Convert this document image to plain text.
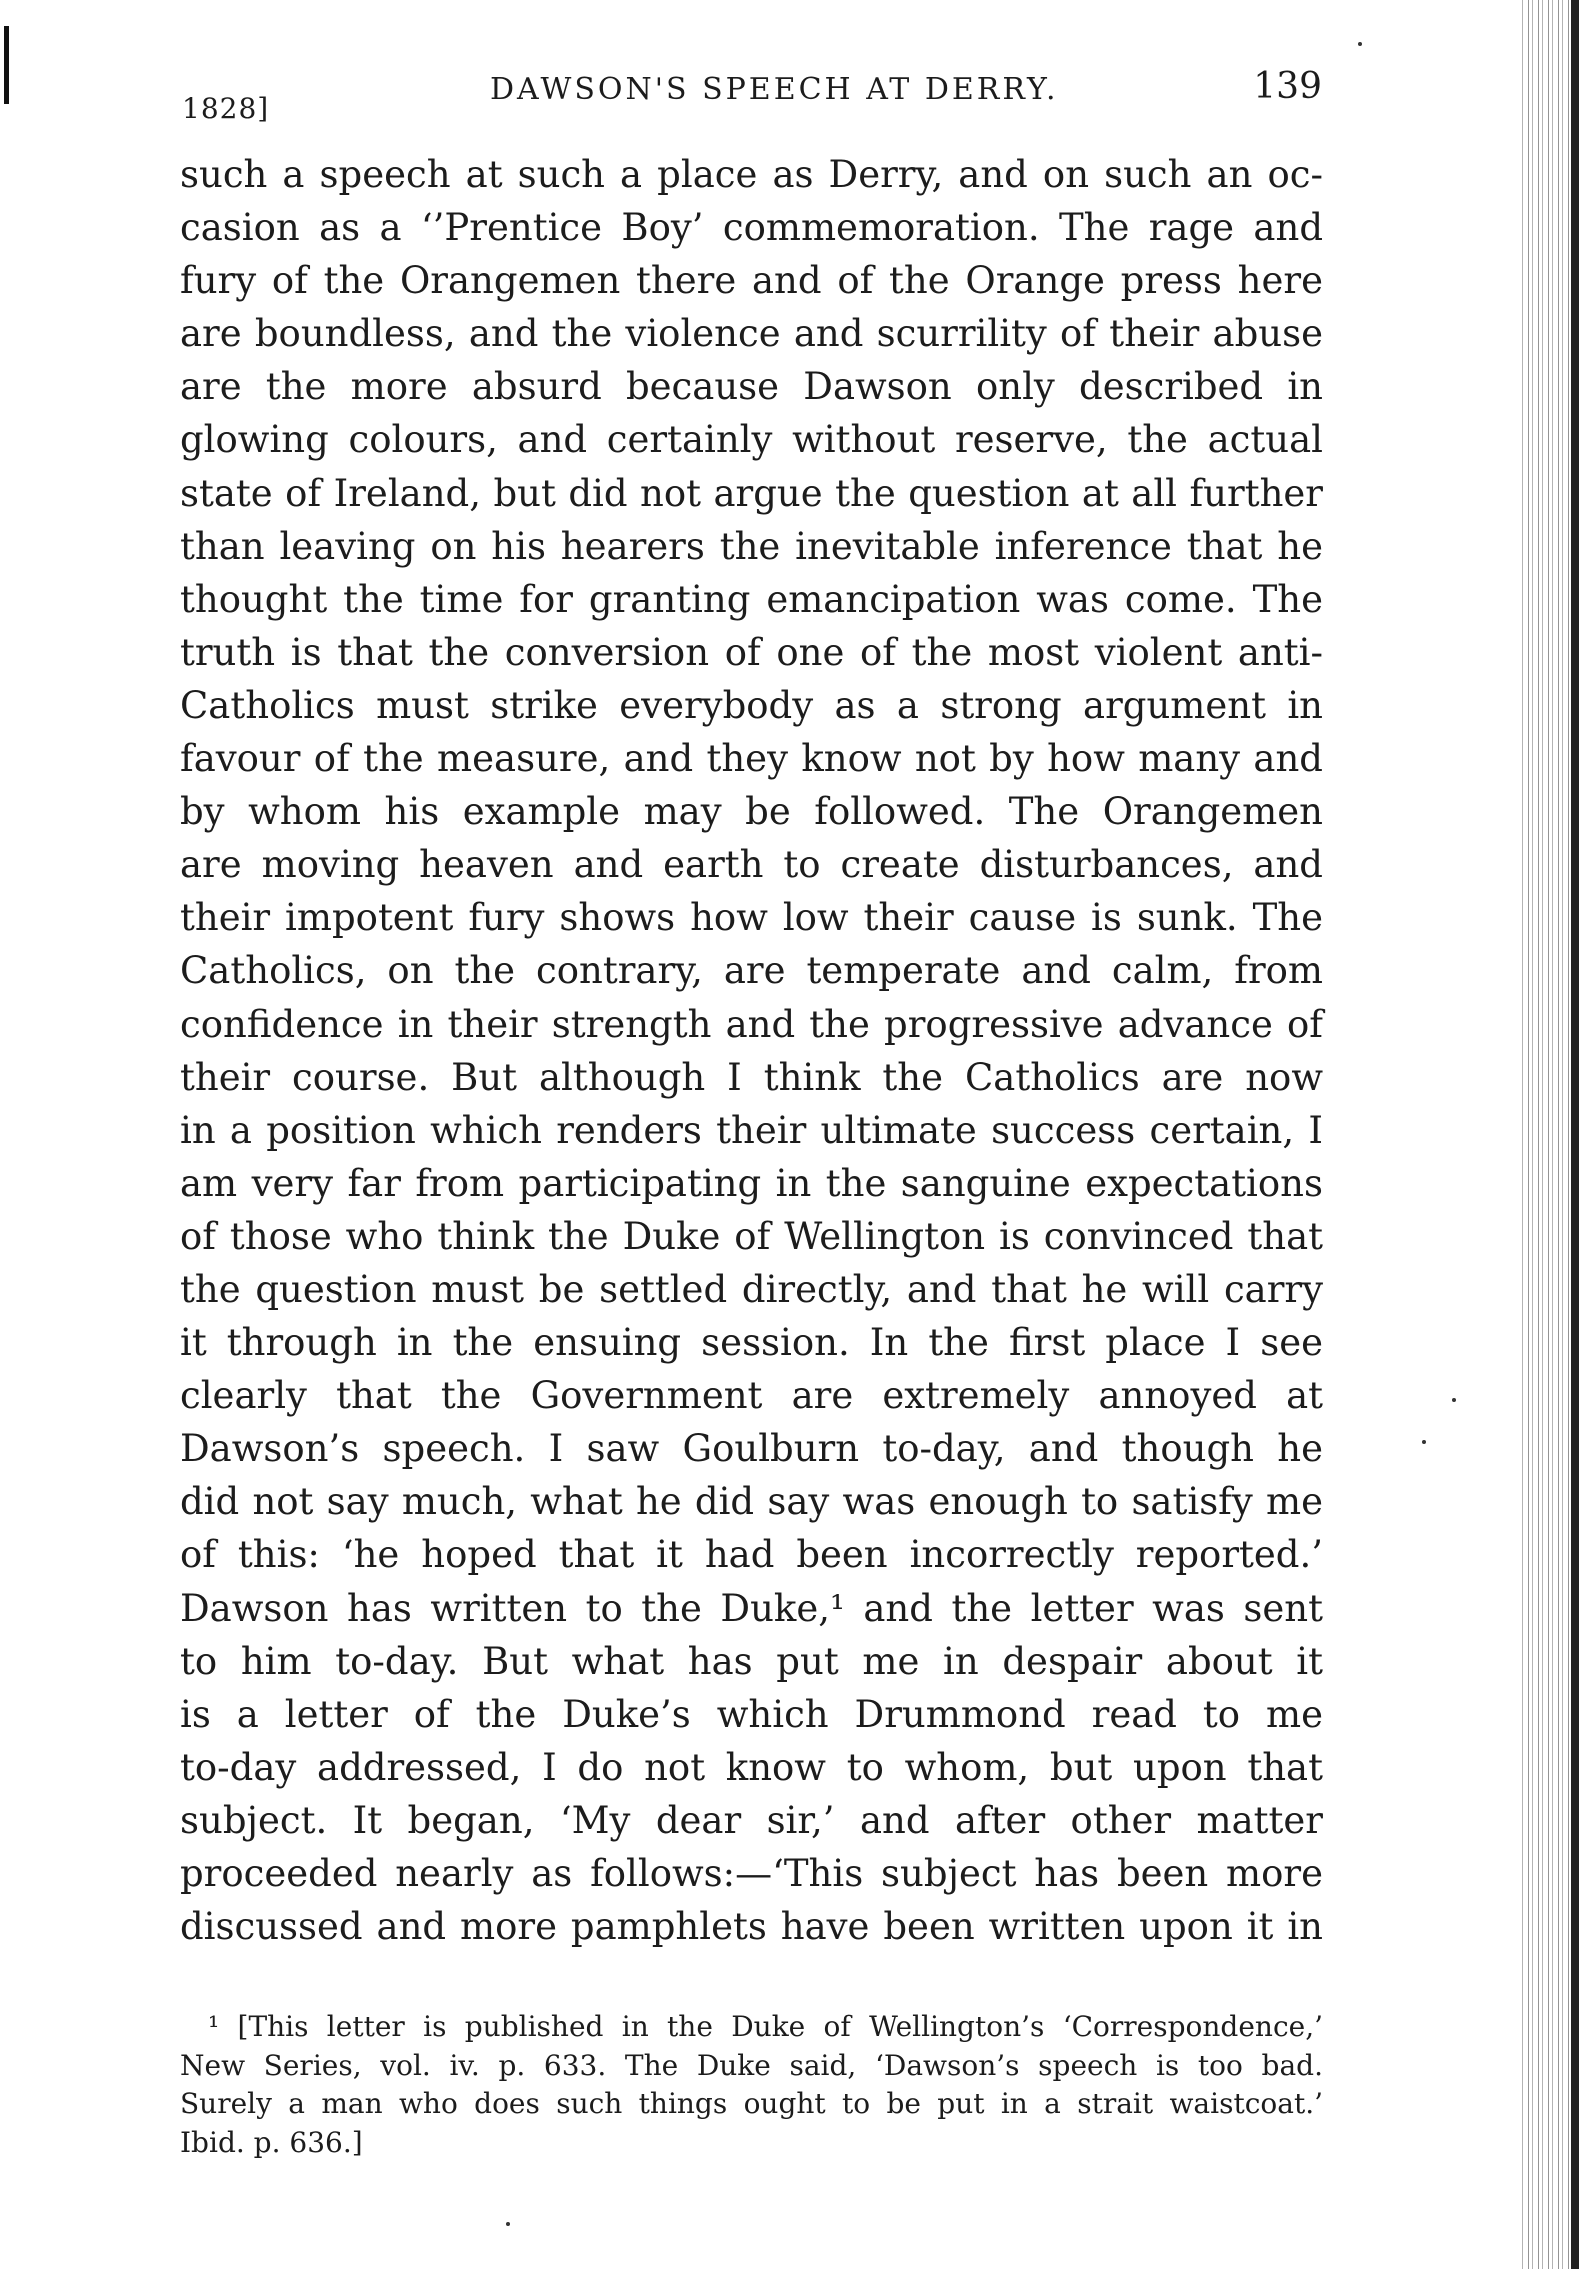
1828]
DAWSON'S SPEECH AT DERRY.	139
such a speech at such a place as Derry, and on such an oc-
casion as a ‘’Prentice Boy’ commemoration. The rage and
fury of the Orangemen there and of the Orange press here
are boundless, and the violence and scurrility of their abuse
are the more absurd because Dawson only described in
glowing colours, and certainly without reserve, the actual
state of Ireland, but did not argue the question at all further
than leaving on his hearers the inevitable inference that he
thought the time for granting emancipation was come. The
truth is that the conversion of one of the most violent anti-
Catholics must strike everybody as a strong argument in
favour of the measure, and they know not by how many and
by whom his example may be followed. The Orangemen
are moving heaven and earth to create disturbances, and
their impotent fury shows how low their cause is sunk. The
Catholics, on the contrary, are temperate and calm, from
confidence in their strength and the progressive advance of
their course. But although I think the Catholics are now
in a position which renders their ultimate success certain, I
am very far from participating in the sanguine expectations
of those who think the Duke of Wellington is convinced that
the question must be settled directly, and that he will carry
it through in the ensuing session. In the first place I see
clearly that the Government are extremely annoyed at
Dawson’s speech. I saw Goulburn to-day, and though he
did not say much, what he did say was enough to satisfy me
of this: ‘he hoped that it had been incorrectly reported.’
Dawson has written to the Duke,¹ and the letter was sent
to him to-day. But what has put me in despair about it
is a letter of the Duke’s which Drummond read to me
to-day addressed, I do not know to whom, but upon that
subject. It began, ‘My dear sir,’ and after other matter
proceeded nearly as follows:—‘This subject has been more
discussed and more pamphlets have been written upon it in
¹ [This letter is published in the Duke of Wellington’s ‘Correspondence,’
New Series, vol. iv. p. 633. The Duke said, ‘Dawson’s speech is too bad.
Surely a man who does such things ought to be put in a strait waistcoat.’
Ibid. p. 636.]
